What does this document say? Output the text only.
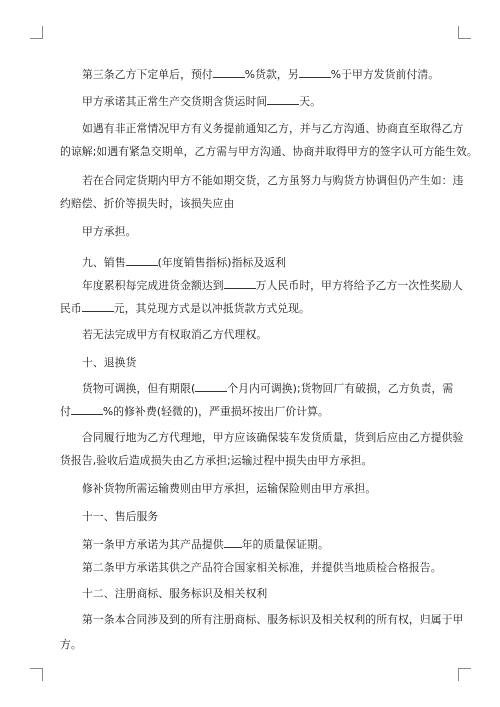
第三条乙方下定单后，预付	%货款，另	%于甲方发货前付清。
甲方承诺其正常生产交货期含货运时间	天。
如遇有非正常情况甲方有义务提前通知乙方，并与乙方沟通、协商直至取得乙方
的谅解;如遇有紧急交期单，乙方需与甲方沟通、协商并取得甲方的签字认可方能生效。
若在合同定货期内甲方不能如期交货，乙方虽努力与购货方协调但仍产生如：违
约赔偿、折价等损失时，该损失应由
甲方承担。
九、销售	(年度销售指标)指标及返利
年度累积每完成进货金额达到	万人民币时，甲方将给予乙方一次性奖励人
民币	元，其兑现方式是以冲抵货款方式兑现。
若无法完成甲方有权取消乙方代理权。
十、退换货
货物可调换，但有期限(	个月内可调换);货物回厂有破损，乙方负责，需
付	%的修补费(轻微的)，严重损坏按出厂价计算。
合同履行地为乙方代理地，甲方应该确保装车发货质量，货到后应由乙方提供验
货报告,验收后造成损失由乙方承担;运输过程中损失由甲方承担。
修补货物所需运输费则由甲方承担，运输保险则由甲方承担。
十一、售后服务
第一条甲方承诺为其产品提供 年的质量保证期。
第二条甲方承诺其供之产品符合国家相关标准，并提供当地质检合格报告。
十二、注册商标、服务标识及相关权利
第一条本合同涉及到的所有注册商标、服务标识及相关权利的所有权，归属于甲
方。
